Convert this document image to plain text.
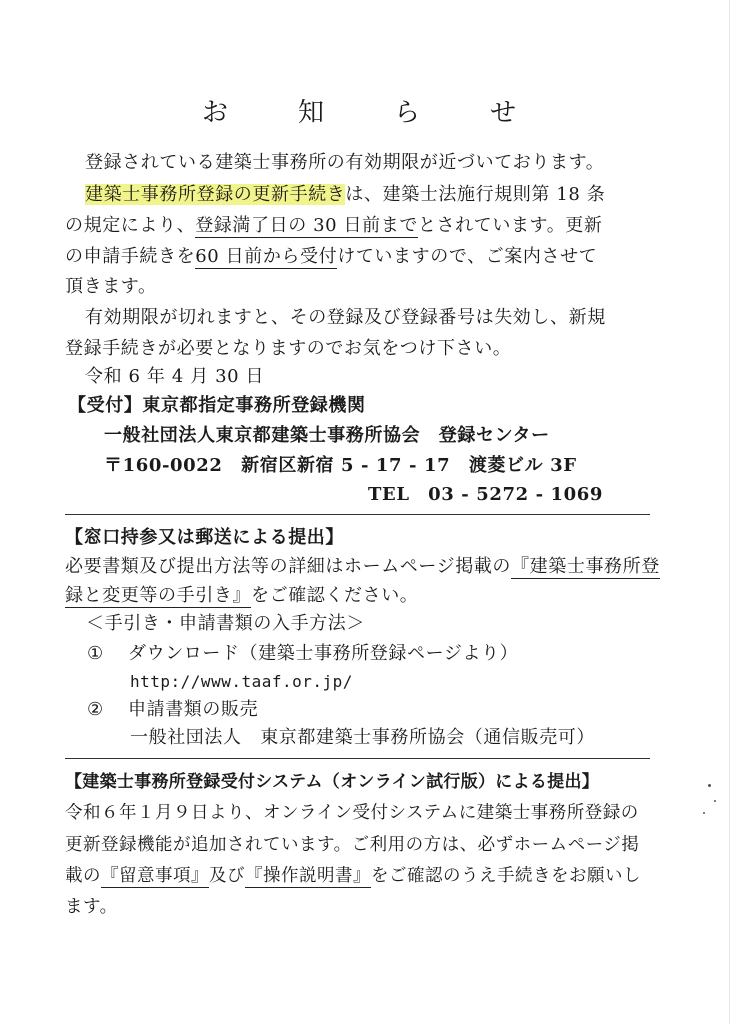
お　知　ら　せ
登録されている建築士事務所の有効期限が近づいております。
建築士事務所登録の更新手続きは、建築士法施行規則第 18 条
の規定により、登録満了日の 30 日前までとされています。更新
の申請手続きを60 日前から受付けていますので、ご案内させて
頂きます。
有効期限が切れますと、その登録及び登録番号は失効し、新規
登録手続きが必要となりますのでお気をつけ下さい。
令和 6 年 4 月 30 日
【受付】東京都指定事務所登録機関
一般社団法人東京都建築士事務所協会　登録センター
〒160-0022　新宿区新宿 5 - 17 - 17　渡菱ビル 3F
TEL　03 - 5272 - 1069
【窓口持参又は郵送による提出】
必要書類及び提出方法等の詳細はホームページ掲載の『建築士事務所登
録と変更等の手引き』をご確認ください。
＜手引き・申請書類の入手方法＞
① ダウンロード（建築士事務所登録ページより）
http://www.taaf.or.jp/
② 申請書類の販売
一般社団法人　東京都建築士事務所協会（通信販売可）
【建築士事務所登録受付システム（オンライン試行版）による提出】
令和６年１月９日より、オンライン受付システムに建築士事務所登録の
更新登録機能が追加されています。ご利用の方は、必ずホームページ掲
載の『留意事項』及び『操作説明書』をご確認のうえ手続きをお願いし
ます。
